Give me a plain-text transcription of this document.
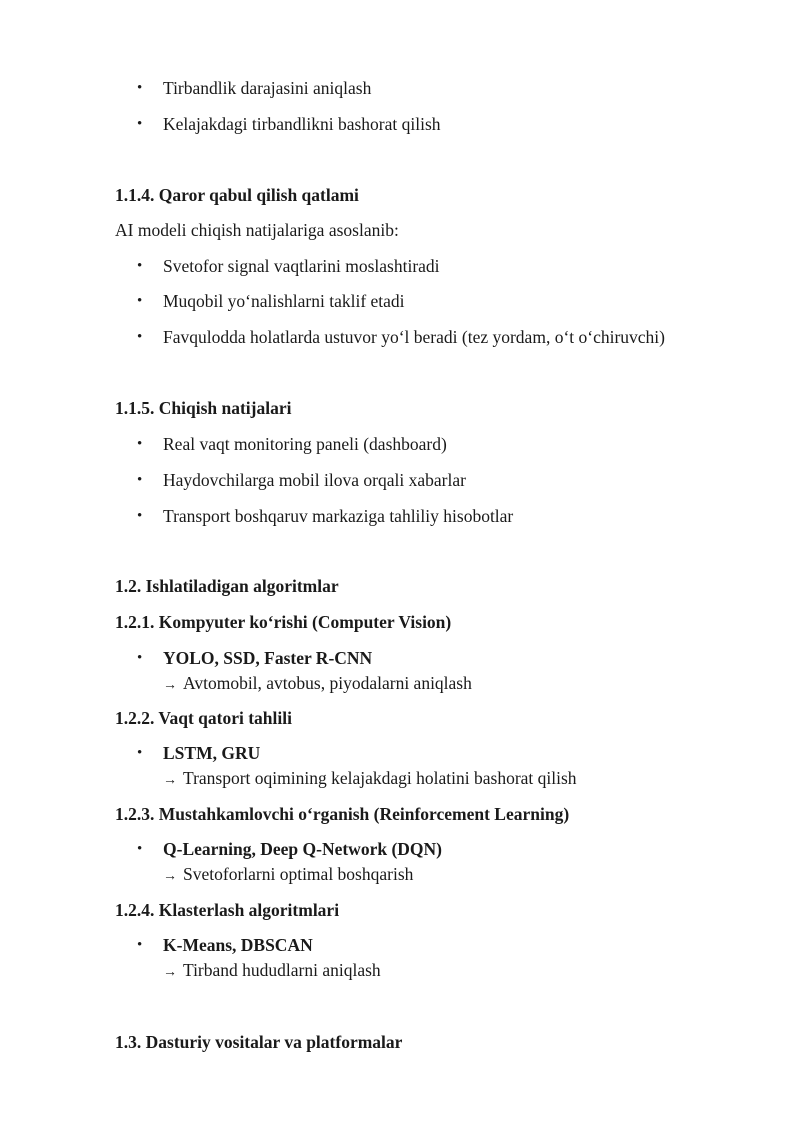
• Tirbandlik darajasini aniqlash
• Kelajakdagi tirbandlikni bashorat qilish
1.1.4. Qaror qabul qilish qatlami
AI modeli chiqish natijalariga asoslanib:
• Svetofor signal vaqtlarini moslashtiradi
• Muqobil yo‘nalishlarni taklif etadi
• Favqulodda holatlarda ustuvor yo‘l beradi (tez yordam, o‘t o‘chiruvchi)
1.1.5. Chiqish natijalari
• Real vaqt monitoring paneli (dashboard)
• Haydovchilarga mobil ilova orqali xabarlar
• Transport boshqaruv markaziga tahliliy hisobotlar
1.2. Ishlatiladigan algoritmlar
1.2.1. Kompyuter ko‘rishi (Computer Vision)
• YOLO, SSD, Faster R-CNN
→ Avtomobil, avtobus, piyodalarni aniqlash
1.2.2. Vaqt qatori tahlili
• LSTM, GRU
→ Transport oqimining kelajakdagi holatini bashorat qilish
1.2.3. Mustahkamlovchi o‘rganish (Reinforcement Learning)
• Q-Learning, Deep Q-Network (DQN)
→ Svetoforlarni optimal boshqarish
1.2.4. Klasterlash algoritmlari
• K-Means, DBSCAN
→ Tirband hududlarni aniqlash
1.3. Dasturiy vositalar va platformalar
